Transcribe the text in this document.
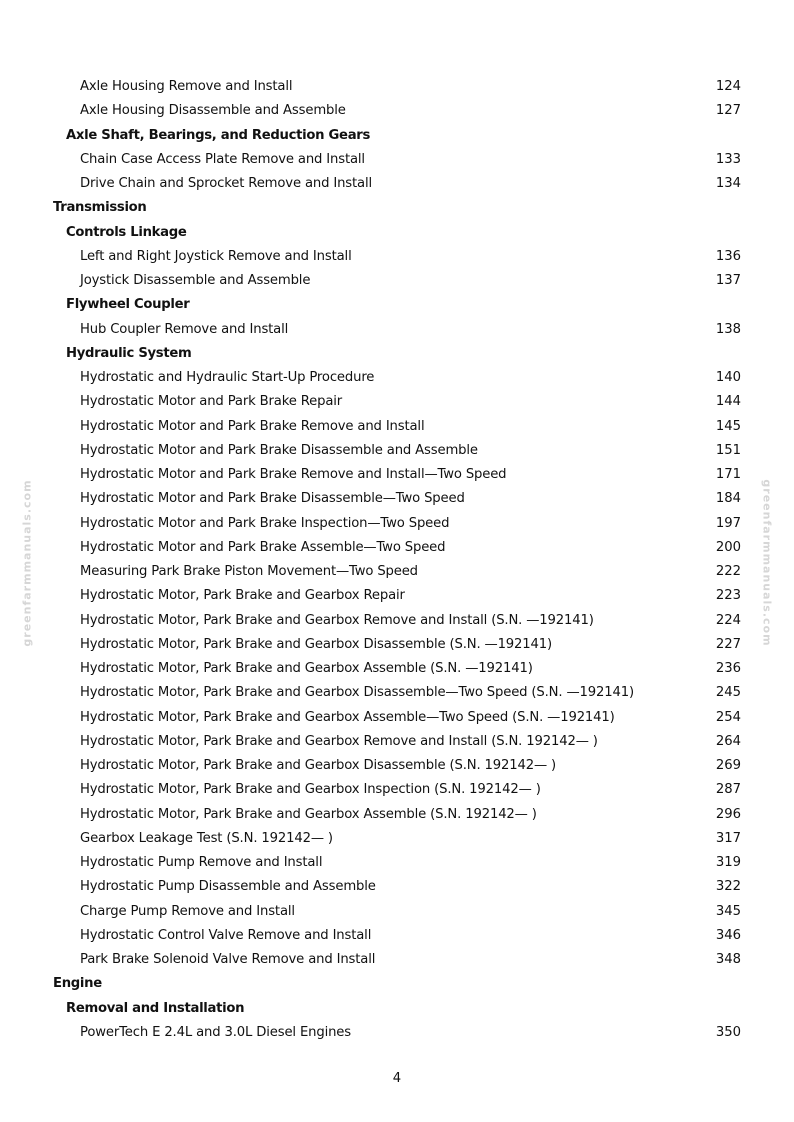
Axle Housing Remove and Install	124
Axle Housing Disassemble and Assemble	127
Axle Shaft, Bearings, and Reduction Gears
Chain Case Access Plate Remove and Install	133
Drive Chain and Sprocket Remove and Install	134
Transmission
Controls Linkage
Left and Right Joystick Remove and Install	136
Joystick Disassemble and Assemble	137
Flywheel Coupler
Hub Coupler Remove and Install	138
Hydraulic System
Hydrostatic and Hydraulic Start-Up Procedure	140
Hydrostatic Motor and Park Brake Repair	144
Hydrostatic Motor and Park Brake Remove and Install	145
Hydrostatic Motor and Park Brake Disassemble and Assemble	151
Hydrostatic Motor and Park Brake Remove and Install—Two Speed	171
Hydrostatic Motor and Park Brake Disassemble—Two Speed	184
Hydrostatic Motor and Park Brake Inspection—Two Speed	197
Hydrostatic Motor and Park Brake Assemble—Two Speed	200
Measuring Park Brake Piston Movement—Two Speed	222
Hydrostatic Motor, Park Brake and Gearbox Repair	223
Hydrostatic Motor, Park Brake and Gearbox Remove and Install (S.N. —192141)	224
Hydrostatic Motor, Park Brake and Gearbox Disassemble (S.N. —192141)	227
Hydrostatic Motor, Park Brake and Gearbox Assemble (S.N. —192141)	236
Hydrostatic Motor, Park Brake and Gearbox Disassemble—Two Speed (S.N. —192141)	245
Hydrostatic Motor, Park Brake and Gearbox Assemble—Two Speed (S.N. —192141)	254
Hydrostatic Motor, Park Brake and Gearbox Remove and Install (S.N. 192142— )	264
Hydrostatic Motor, Park Brake and Gearbox Disassemble (S.N. 192142— )	269
Hydrostatic Motor, Park Brake and Gearbox Inspection (S.N. 192142— )	287
Hydrostatic Motor, Park Brake and Gearbox Assemble (S.N. 192142— )	296
Gearbox Leakage Test (S.N. 192142— )	317
Hydrostatic Pump Remove and Install	319
Hydrostatic Pump Disassemble and Assemble	322
Charge Pump Remove and Install	345
Hydrostatic Control Valve Remove and Install	346
Park Brake Solenoid Valve Remove and Install	348
Engine
Removal and Installation
PowerTech E 2.4L and 3.0L Diesel Engines	350
4
greenfarmmanuals.com	greenfarmmanuals.com
